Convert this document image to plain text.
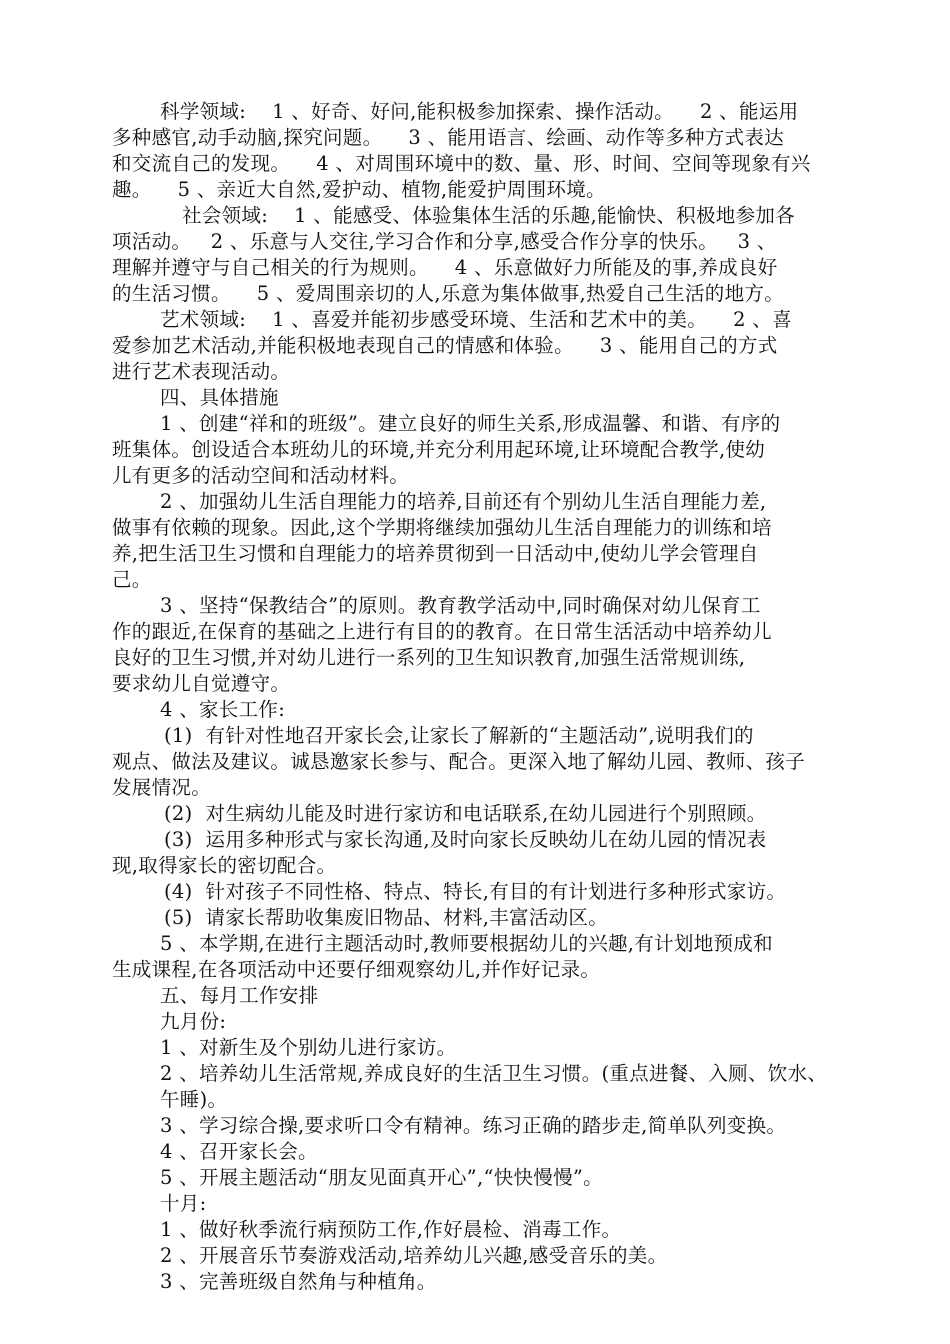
科学领域:    1 、好奇、好问,能积极参加探索、操作活动。    2 、能运用
多种感官,动手动脑,探究问题。    3 、能用语言、绘画、动作等多种方式表达
和交流自己的发现。    4 、对周围环境中的数、量、形、时间、空间等现象有兴
趣。    5 、亲近大自然,爱护动、植物,能爱护周围环境。
社会领域:    1 、能感受、体验集体生活的乐趣,能愉快、积极地参加各
项活动。   2 、乐意与人交往,学习合作和分享,感受合作分享的快乐。   3 、
理解并遵守与自己相关的行为规则。    4 、乐意做好力所能及的事,养成良好
的生活习惯。    5 、爱周围亲切的人,乐意为集体做事,热爱自己生活的地方。
艺术领域:    1 、喜爱并能初步感受环境、生活和艺术中的美。    2 、喜
爱参加艺术活动,并能积极地表现自己的情感和体验。    3 、能用自己的方式
进行艺术表现活动。
四、具体措施
1 、创建“祥和的班级”。建立良好的师生关系,形成温馨、和谐、有序的
班集体。创设适合本班幼儿的环境,并充分利用起环境,让环境配合教学,使幼
儿有更多的活动空间和活动材料。
2 、加强幼儿生活自理能力的培养,目前还有个别幼儿生活自理能力差,
做事有依赖的现象。因此,这个学期将继续加强幼儿生活自理能力的训练和培
养,把生活卫生习惯和自理能力的培养贯彻到一日活动中,使幼儿学会管理自
己。
3 、坚持“保教结合”的原则。教育教学活动中,同时确保对幼儿保育工
作的跟近,在保育的基础之上进行有目的的教育。在日常生活活动中培养幼儿
良好的卫生习惯,并对幼儿进行一系列的卫生知识教育,加强生活常规训练,
要求幼儿自觉遵守。
4 、家长工作:
(1)  有针对性地召开家长会,让家长了解新的“主题活动”,说明我们的
观点、做法及建议。诚恳邀家长参与、配合。更深入地了解幼儿园、教师、孩子
发展情况。
(2)  对生病幼儿能及时进行家访和电话联系,在幼儿园进行个别照顾。
(3)  运用多种形式与家长沟通,及时向家长反映幼儿在幼儿园的情况表
现,取得家长的密切配合。
(4)  针对孩子不同性格、特点、特长,有目的有计划进行多种形式家访。
(5)  请家长帮助收集废旧物品、材料,丰富活动区。
5 、本学期,在进行主题活动时,教师要根据幼儿的兴趣,有计划地预成和
生成课程,在各项活动中还要仔细观察幼儿,并作好记录。
五、每月工作安排
九月份:
1 、对新生及个别幼儿进行家访。
2 、培养幼儿生活常规,养成良好的生活卫生习惯。(重点进餐、入厕、饮水、
午睡)。
3 、学习综合操,要求听口令有精神。练习正确的踏步走,简单队列变换。
4 、召开家长会。
5 、开展主题活动“朋友见面真开心”,“快快慢慢”。
十月:
1 、做好秋季流行病预防工作,作好晨检、消毒工作。
2 、开展音乐节奏游戏活动,培养幼儿兴趣,感受音乐的美。
3 、完善班级自然角与种植角。
